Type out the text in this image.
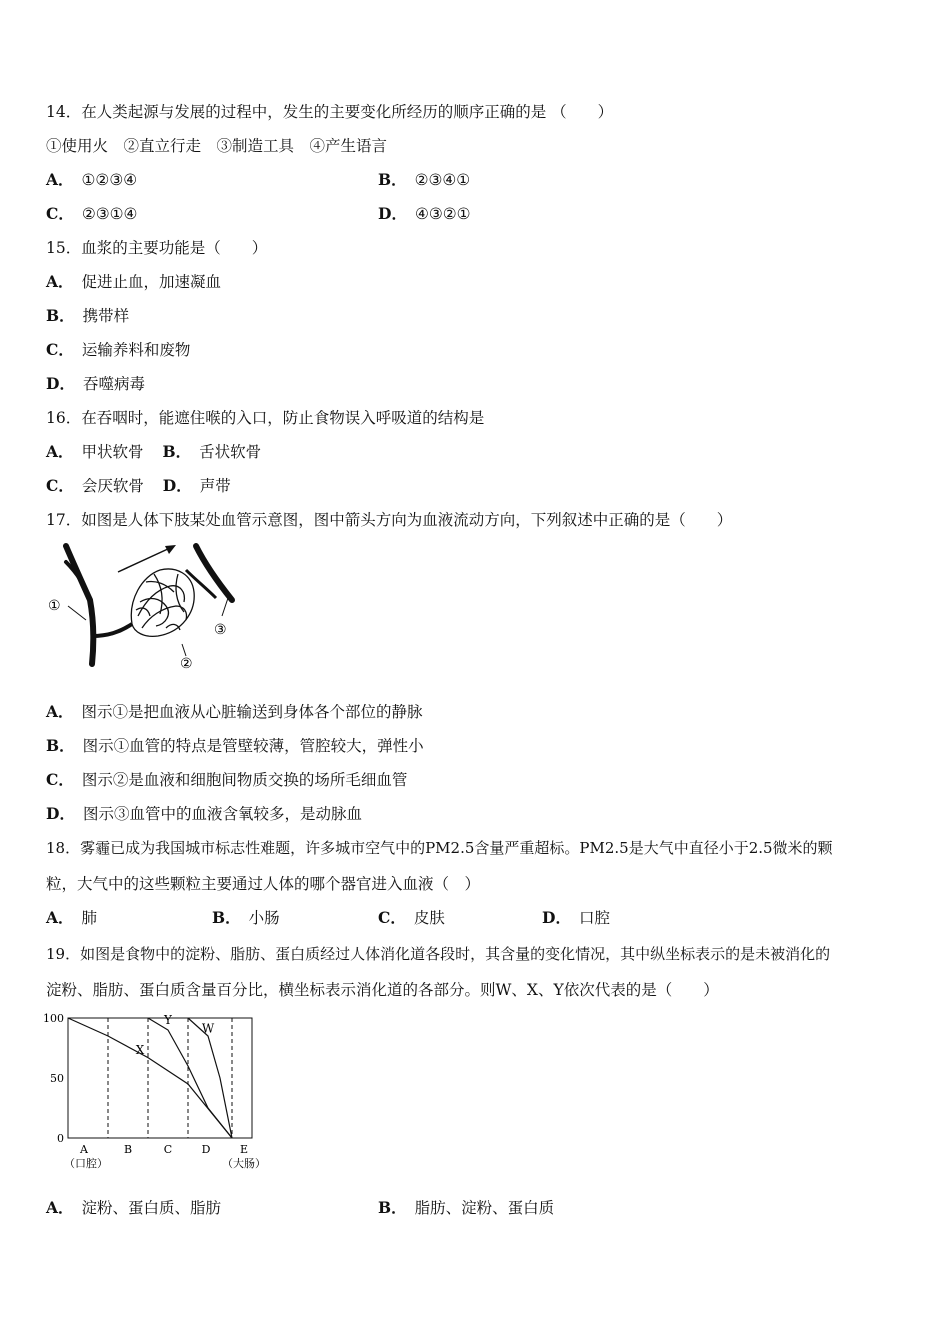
14．在人类起源与发展的过程中，发生的主要变化所经历的顺序正确的是 （　　）
①使用火　②直立行走　③制造工具　④产生语言
A． ①②③④	B． ②③④①
C． ②③①④	D． ④③②①
15．血浆的主要功能是（　　）
A． 促进止血，加速凝血
B． 携带样
C． 运输养料和废物
D． 吞噬病毒
16．在吞咽时，能遮住喉的入口，防止食物误入呼吸道的结构是
A． 甲状软骨 B． 舌状软骨
C． 会厌软骨 D． 声带
17．如图是人体下肢某处血管示意图，图中箭头方向为血液流动方向，下列叙述中正确的是（　　）
①
②
③
A． 图示①是把血液从心脏输送到身体各个部位的静脉
B． 图示①血管的特点是管壁较薄，管腔较大，弹性小
C． 图示②是血液和细胞间物质交换的场所毛细血管
D． 图示③血管中的血液含氧较多，是动脉血
18．雾霾已成为我国城市标志性难题，许多城市空气中的PM2.5含量严重超标。PM2.5是大气中直径小于2.5微米的颗
粒，大气中的这些颗粒主要通过人体的哪个器官进入血液（　）
A． 肺	B． 小肠	C． 皮肤	D． 口腔
19．如图是食物中的淀粉、脂肪、蛋白质经过人体消化道各段时，其含量的变化情况，其中纵坐标表示的是未被消化的
淀粉、脂肪、蛋白质含量百分比，横坐标表示消化道的各部分。则W、X、Y依次代表的是（　　）
X
Y
W
100
50
0
A
（口腔）
B	C	D	E
（大肠）
A． 淀粉、蛋白质、脂肪	B． 脂肪、淀粉、蛋白质
